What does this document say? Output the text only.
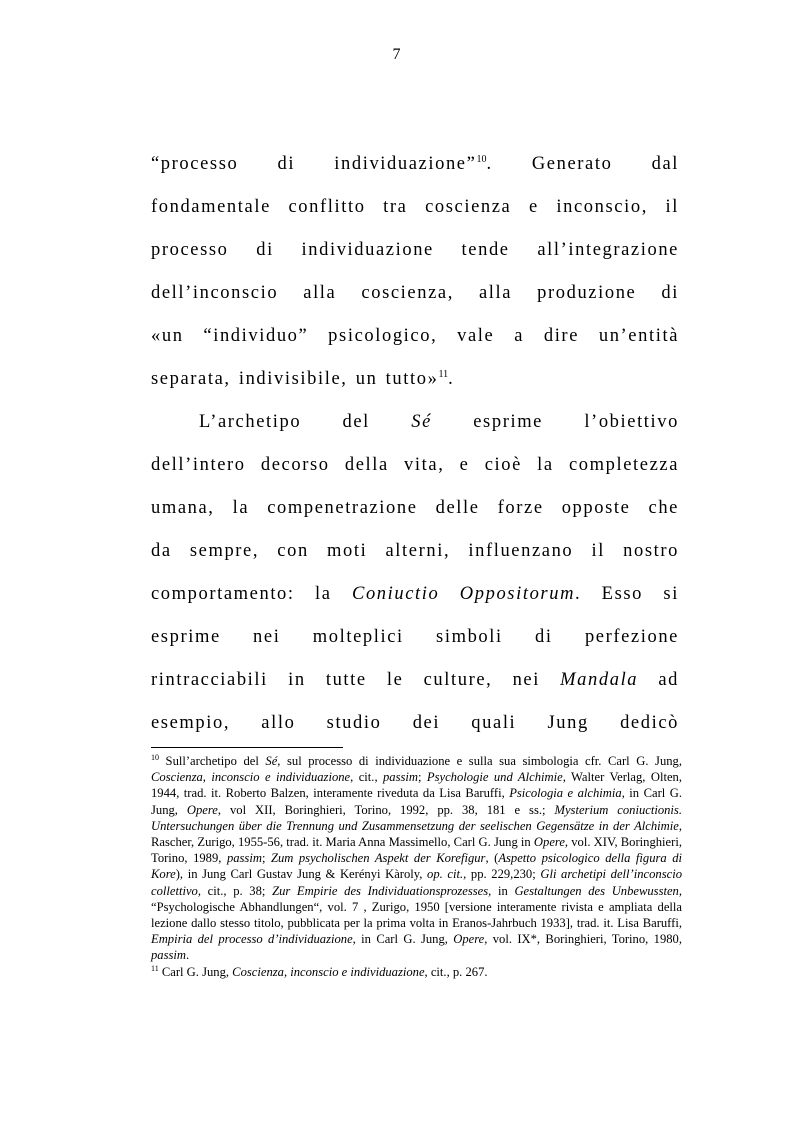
7

“processo di individuazione”$^{10}$. Generato dal
fondamentale conflitto tra coscienza e inconscio, il
processo di individuazione tende all’integrazione
dell’inconscio alla coscienza, alla produzione di
«un “individuo” psicologico, vale a dire un’entità
separata, indivisibile, un tutto»$^{11}$.

L’archetipo del Sé esprime l’obiettivo
dell’intero decorso della vita, e cioè la completezza
umana, la compenetrazione delle forze opposte che
da sempre, con moti alterni, influenzano il nostro
comportamento: la Coniuctio Oppositorum. Esso si
esprime nei molteplici simboli di perfezione
rintracciabili in tutte le culture, nei Mandala ad
esempio, allo studio dei quali Jung dedicò

$^{10}$ Sull’archetipo del Sé, sul processo di individuazione e sulla sua simbologia cfr. Carl G. Jung, Coscienza, inconscio e individuazione, cit., passim; Psychologie und Alchimie, Walter Verlag, Olten, 1944, trad. it. Roberto Balzen, interamente riveduta da Lisa Baruffi, Psicologia e alchimia, in Carl G. Jung, Opere, vol XII, Boringhieri, Torino, 1992, pp. 38, 181 e ss.; Mysterium coniuctionis. Untersuchungen über die Trennung und Zusammensetzung der seelischen Gegensätze in der Alchimie, Rascher, Zurigo, 1955-56, trad. it. Maria Anna Massimello, Carl G. Jung in Opere, vol. XIV, Boringhieri, Torino, 1989, passim; Zum psycholischen Aspekt der Korefigur, (Aspetto psicologico della figura di Kore), in Jung Carl Gustav Jung & Kerényi Kàroly, op. cit., pp. 229,230; Gli archetipi dell’inconscio collettivo, cit., p. 38; Zur Empirie des Individuationsprozesses, in Gestaltungen des Unbewussten, “Psychologische Abhandlungen“, vol. 7 , Zurigo, 1950 [versione interamente rivista e ampliata della lezione dallo stesso titolo, pubblicata per la prima volta in Eranos-Jahrbuch 1933], trad. it. Lisa Baruffi, Empiria del processo d’individuazione, in Carl G. Jung, Opere, vol. IX*, Boringhieri, Torino, 1980, passim.

$^{11}$ Carl G. Jung, Coscienza, inconscio e individuazione, cit., p. 267.
